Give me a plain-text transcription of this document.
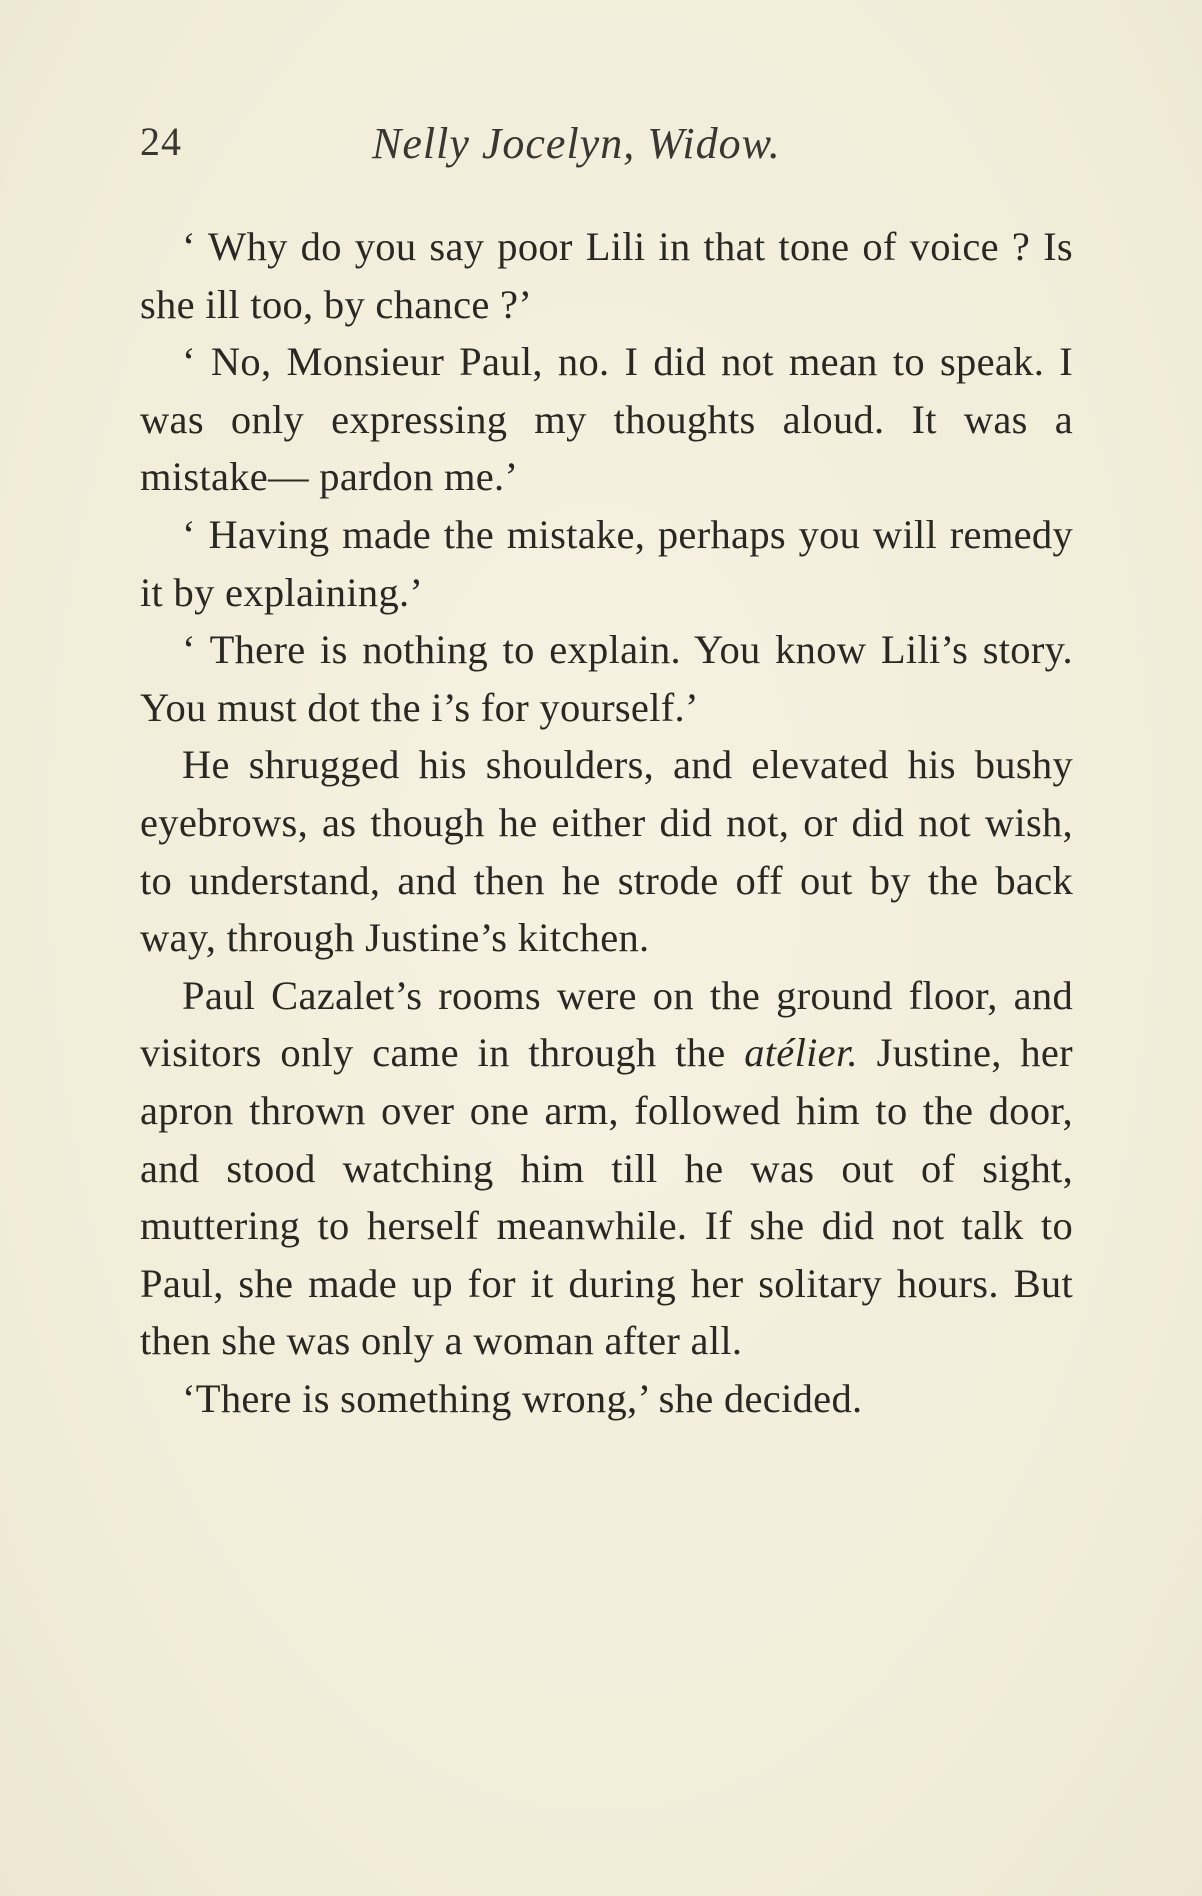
24	Nelly Jocelyn, Widow.

‘ Why do you say poor Lili in that tone of voice ? Is she ill too, by chance ?’

‘ No, Monsieur Paul, no. I did not mean to speak. I was only expressing my thoughts aloud. It was a mistake— pardon me.’

‘ Having made the mistake, perhaps you will remedy it by explaining.’

‘ There is nothing to explain. You know Lili’s story. You must dot the i’s for yourself.’

He shrugged his shoulders, and elevated his bushy eyebrows, as though he either did not, or did not wish, to understand, and then he strode off out by the back way, through Justine’s kitchen.

Paul Cazalet’s rooms were on the ground floor, and visitors only came in through the atélier. Justine, her apron thrown over one arm, followed him to the door, and stood watching him till he was out of sight, muttering to herself meanwhile. If she did not talk to Paul, she made up for it during her solitary hours. But then she was only a woman after all.

‘There is something wrong,’ she decided.
